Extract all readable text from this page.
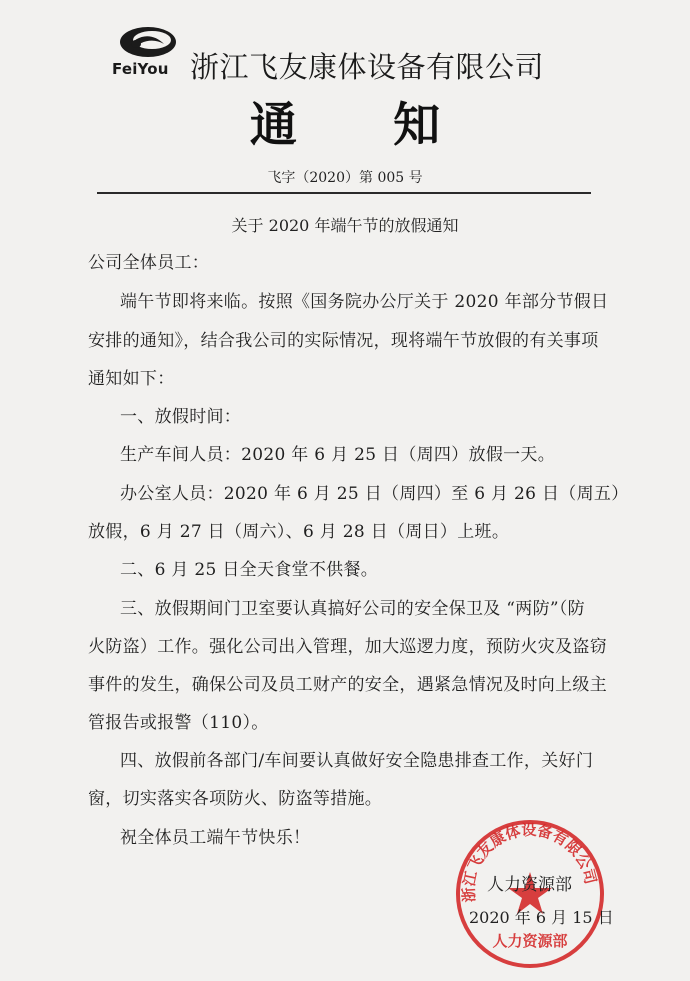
FeiYou 浙江飞友康体设备有限公司
通 知
飞字（2020）第 005 号
关于 2020 年端午节的放假通知
公司全体员工：
端午节即将来临。按照《国务院办公厅关于 2020 年部分节假日
安排的通知》，结合我公司的实际情况，现将端午节放假的有关事项
通知如下：
一、放假时间：
生产车间人员：2020 年 6 月 25 日（周四）放假一天。
办公室人员：2020 年 6 月 25 日（周四）至 6 月 26 日（周五）
放假，6 月 27 日（周六）、6 月 28 日（周日）上班。
二、6 月 25 日全天食堂不供餐。
三、放假期间门卫室要认真搞好公司的安全保卫及 “两防”（防
火防盗）工作。强化公司出入管理，加大巡逻力度，预防火灾及盗窃
事件的发生，确保公司及员工财产的安全，遇紧急情况及时向上级主
管报告或报警（110）。
四、放假前各部门/车间要认真做好安全隐患排查工作，关好门
窗，切实落实各项防火、防盗等措施。
祝全体员工端午节快乐！
浙江飞友康体设备有限公司
人力资源部
人力资源部
2020 年 6 月 15 日
